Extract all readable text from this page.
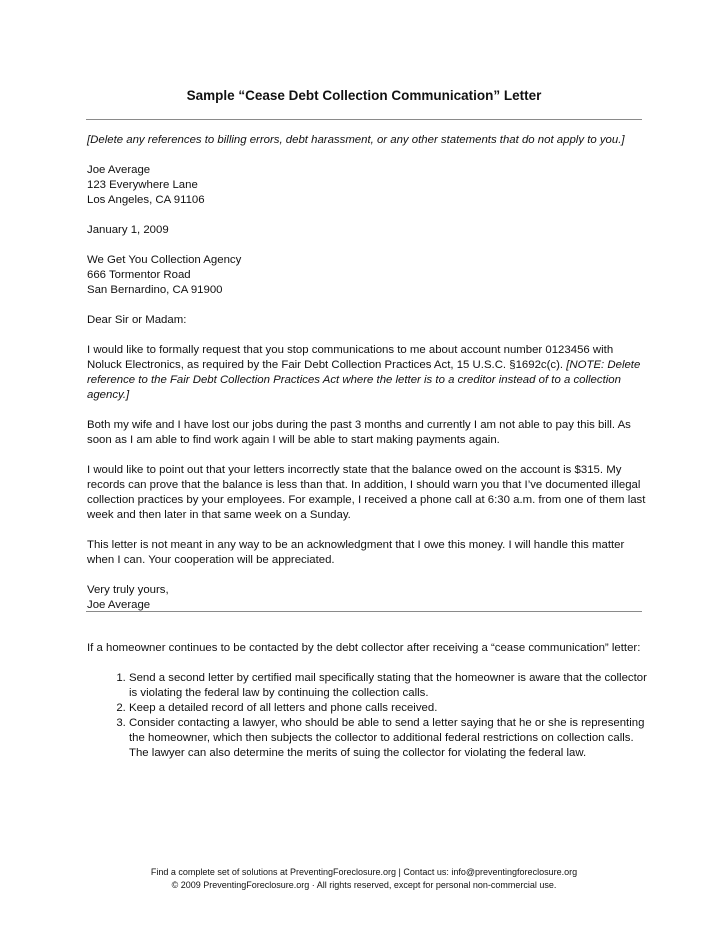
Sample “Cease Debt Collection Communication” Letter

[Delete any references to billing errors, debt harassment, or any other statements that do not apply to you.]

Joe Average
123 Everywhere Lane
Los Angeles, CA 91106

January 1, 2009

We Get You Collection Agency
666 Tormentor Road
San Bernardino, CA 91900

Dear Sir or Madam:

I would like to formally request that you stop communications to me about account number 0123456 with Noluck Electronics, as required by the Fair Debt Collection Practices Act, 15 U.S.C. §1692c(c). [NOTE: Delete reference to the Fair Debt Collection Practices Act where the letter is to a creditor instead of to a collection agency.]

Both my wife and I have lost our jobs during the past 3 months and currently I am not able to pay this bill. As soon as I am able to find work again I will be able to start making payments again.

I would like to point out that your letters incorrectly state that the balance owed on the account is $315. My records can prove that the balance is less than that. In addition, I should warn you that I’ve documented illegal collection practices by your employees. For example, I received a phone call at 6:30 a.m. from one of them last week and then later in that same week on a Sunday.

This letter is not meant in any way to be an acknowledgment that I owe this money. I will handle this matter when I can. Your cooperation will be appreciated.

Very truly yours,
Joe Average

If a homeowner continues to be contacted by the debt collector after receiving a “cease communication” letter:

1. Send a second letter by certified mail specifically stating that the homeowner is aware that the collector is violating the federal law by continuing the collection calls.
2. Keep a detailed record of all letters and phone calls received.
3. Consider contacting a lawyer, who should be able to send a letter saying that he or she is representing the homeowner, which then subjects the collector to additional federal restrictions on collection calls. The lawyer can also determine the merits of suing the collector for violating the federal law.
Find a complete set of solutions at PreventingForeclosure.org | Contact us: info@preventingforeclosure.org
© 2009 PreventingForeclosure.org · All rights reserved, except for personal non-commercial use.
